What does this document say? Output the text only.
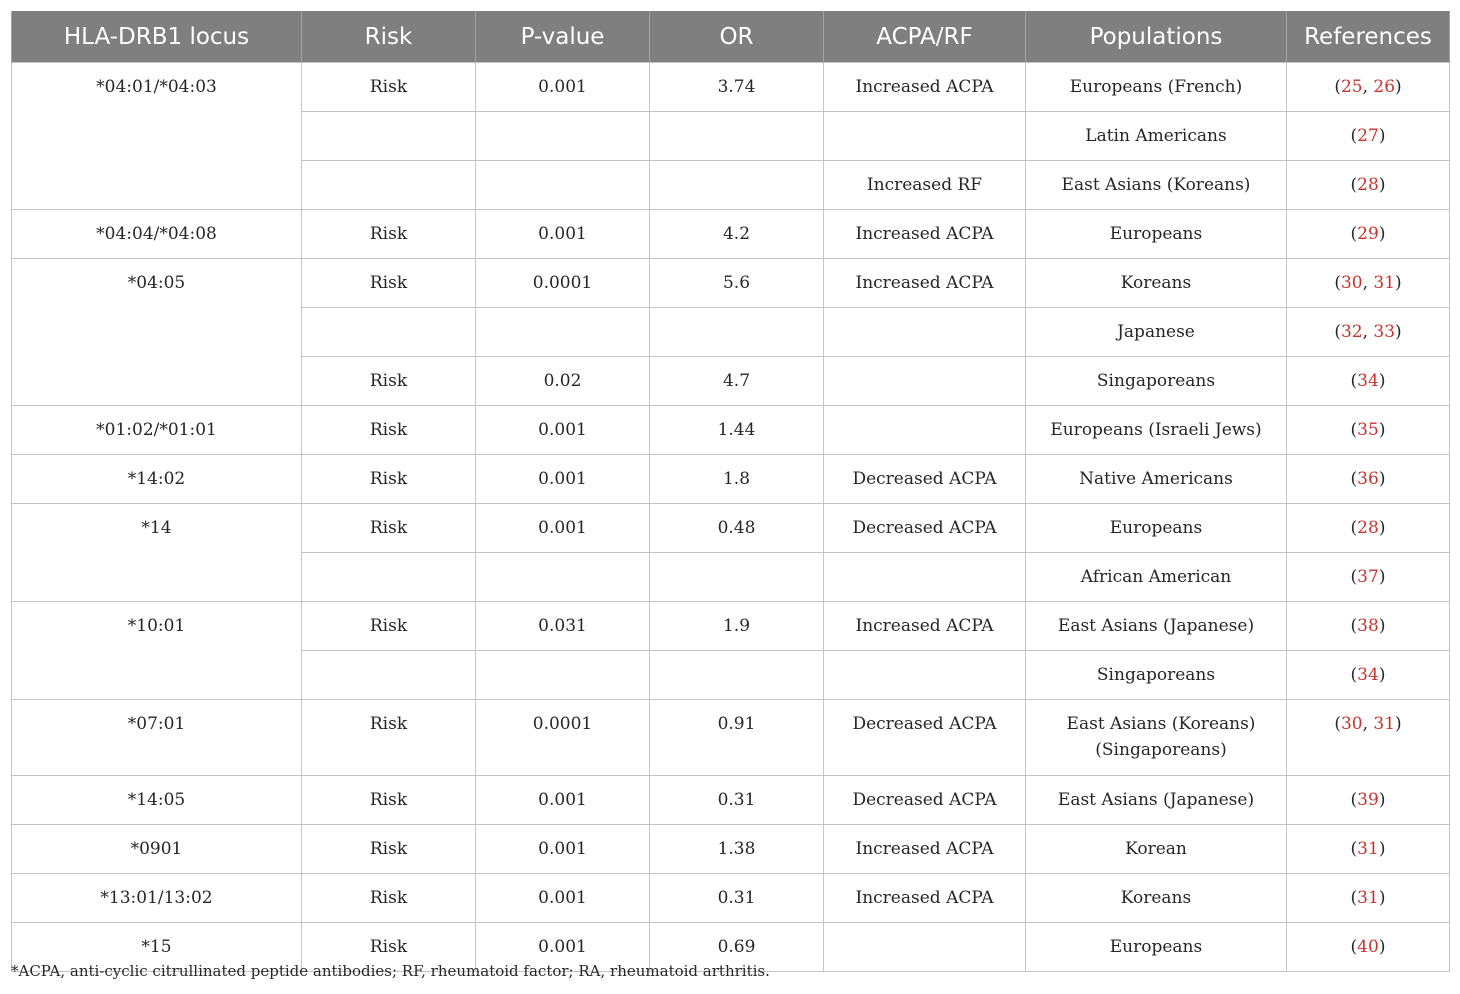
HLA-DRB1 locus	Risk	P-value	OR	ACPA/RF	Populations	References
*04:01/*04:03	Risk	0.001	3.74	Increased ACPA	Europeans (French)	(25, 26)
					Latin Americans	(27)
				Increased RF	East Asians (Koreans)	(28)
*04:04/*04:08	Risk	0.001	4.2	Increased ACPA	Europeans	(29)
*04:05	Risk	0.0001	5.6	Increased ACPA	Koreans	(30, 31)
					Japanese	(32, 33)
	Risk	0.02	4.7		Singaporeans	(34)
*01:02/*01:01	Risk	0.001	1.44		Europeans (Israeli Jews)	(35)
*14:02	Risk	0.001	1.8	Decreased ACPA	Native Americans	(36)
*14	Risk	0.001	0.48	Decreased ACPA	Europeans	(28)
					African American	(37)
*10:01	Risk	0.031	1.9	Increased ACPA	East Asians (Japanese)	(38)
					Singaporeans	(34)
*07:01	Risk	0.0001	0.91	Decreased ACPA	East Asians (Koreans) (Singaporeans)	(30, 31)
*14:05	Risk	0.001	0.31	Decreased ACPA	East Asians (Japanese)	(39)
*0901	Risk	0.001	1.38	Increased ACPA	Korean	(31)
*13:01/13:02	Risk	0.001	0.31	Increased ACPA	Koreans	(31)
*15	Risk	0.001	0.69		Europeans	(40)
*ACPA, anti-cyclic citrullinated peptide antibodies; RF, rheumatoid factor; RA, rheumatoid arthritis.
